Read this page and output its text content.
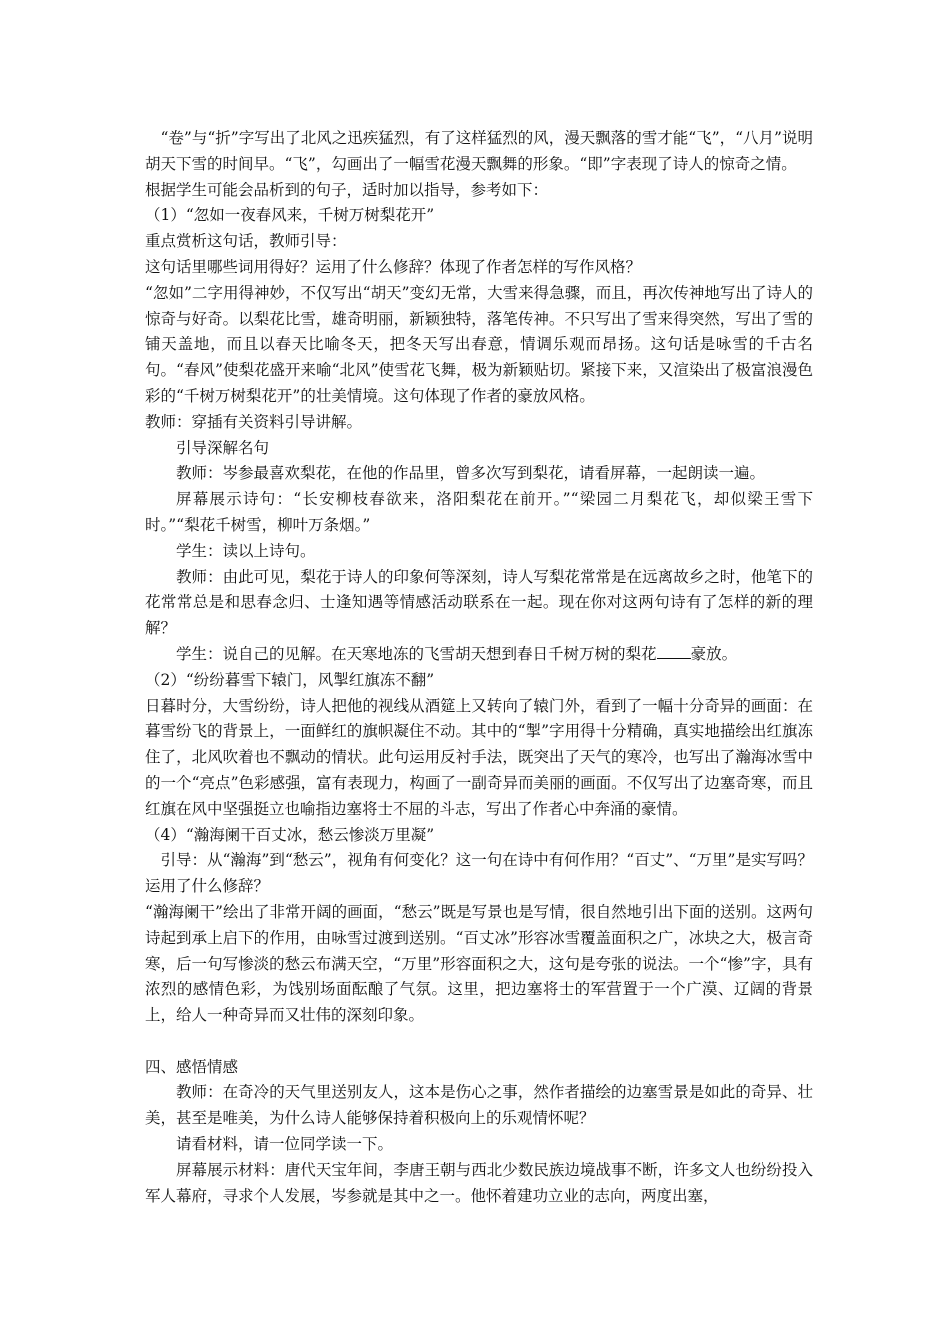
“卷”与“折”字写出了北风之迅疾猛烈，有了这样猛烈的风，漫天飘落的雪才能“飞”，“八月”说明胡天下雪的时间早。“飞”，勾画出了一幅雪花漫天飘舞的形象。“即”字表现了诗人的惊奇之情。

根据学生可能会品析到的句子，适时加以指导，参考如下：

（1）“忽如一夜春风来，千树万树梨花开”

重点赏析这句话，教师引导：

这句话里哪些词用得好？运用了什么修辞？体现了作者怎样的写作风格？

“忽如”二字用得神妙，不仅写出“胡天”变幻无常，大雪来得急骤，而且，再次传神地写出了诗人的惊奇与好奇。以梨花比雪，雄奇明丽，新颖独特，落笔传神。不只写出了雪来得突然，写出了雪的铺天盖地，而且以春天比喻冬天，把冬天写出春意，情调乐观而昂扬。这句话是咏雪的千古名句。“春风”使梨花盛开来喻“北风”使雪花飞舞，极为新颖贴切。紧接下来，又渲染出了极富浪漫色彩的“千树万树梨花开”的壮美情境。这句体现了作者的豪放风格。

教师：穿插有关资料引导讲解。

引导深解名句

教师：岑参最喜欢梨花，在他的作品里，曾多次写到梨花，请看屏幕，一起朗读一遍。

屏幕展示诗句：“长安柳枝春欲来，洛阳梨花在前开。”“梁园二月梨花飞，却似梁王雪下时。”“梨花千树雪，柳叶万条烟。”

学生：读以上诗句。

教师：由此可见，梨花于诗人的印象何等深刻，诗人写梨花常常是在远离故乡之时，他笔下的花常常总是和思春念归、士逢知遇等情感活动联系在一起。现在你对这两句诗有了怎样的新的理解？

学生：说自己的见解。在天寒地冻的飞雪胡天想到春日千树万树的梨花 豪放。

（2）“纷纷暮雪下辕门，风掣红旗冻不翻”

日暮时分，大雪纷纷，诗人把他的视线从酒筵上又转向了辕门外，看到了一幅十分奇异的画面：在暮雪纷飞的背景上，一面鲜红的旗帜凝住不动。其中的“掣”字用得十分精确，真实地描绘出红旗冻住了，北风吹着也不飘动的情状。此句运用反衬手法，既突出了天气的寒冷，也写出了瀚海冰雪中的一个“亮点”色彩感强，富有表现力，构画了一副奇异而美丽的画面。不仅写出了边塞奇寒，而且红旗在风中坚强挺立也喻指边塞将士不屈的斗志，写出了作者心中奔涌的豪情。

（4）“瀚海阑干百丈冰，愁云惨淡万里凝”

引导：从“瀚海”到“愁云”，视角有何变化？这一句在诗中有何作用？“百丈”、“万里”是实写吗？运用了什么修辞？

“瀚海阑干”绘出了非常开阔的画面，“愁云”既是写景也是写情，很自然地引出下面的送别。这两句诗起到承上启下的作用，由咏雪过渡到送别。“百丈冰”形容冰雪覆盖面积之广，冰块之大，极言奇寒，后一句写惨淡的愁云布满天空，“万里”形容面积之大，这句是夸张的说法。一个“惨”字，具有浓烈的感情色彩，为饯别场面酝酿了气氛。这里，把边塞将士的军营置于一个广漠、辽阔的背景上，给人一种奇异而又壮伟的深刻印象。

四、感悟情感

教师：在奇冷的天气里送别友人，这本是伤心之事，然作者描绘的边塞雪景是如此的奇异、壮美，甚至是唯美，为什么诗人能够保持着积极向上的乐观情怀呢？

请看材料，请一位同学读一下。

屏幕展示材料：唐代天宝年间，李唐王朝与西北少数民族边境战事不断，许多文人也纷纷投入军人幕府，寻求个人发展，岑参就是其中之一。他怀着建功立业的志向，两度出塞，
